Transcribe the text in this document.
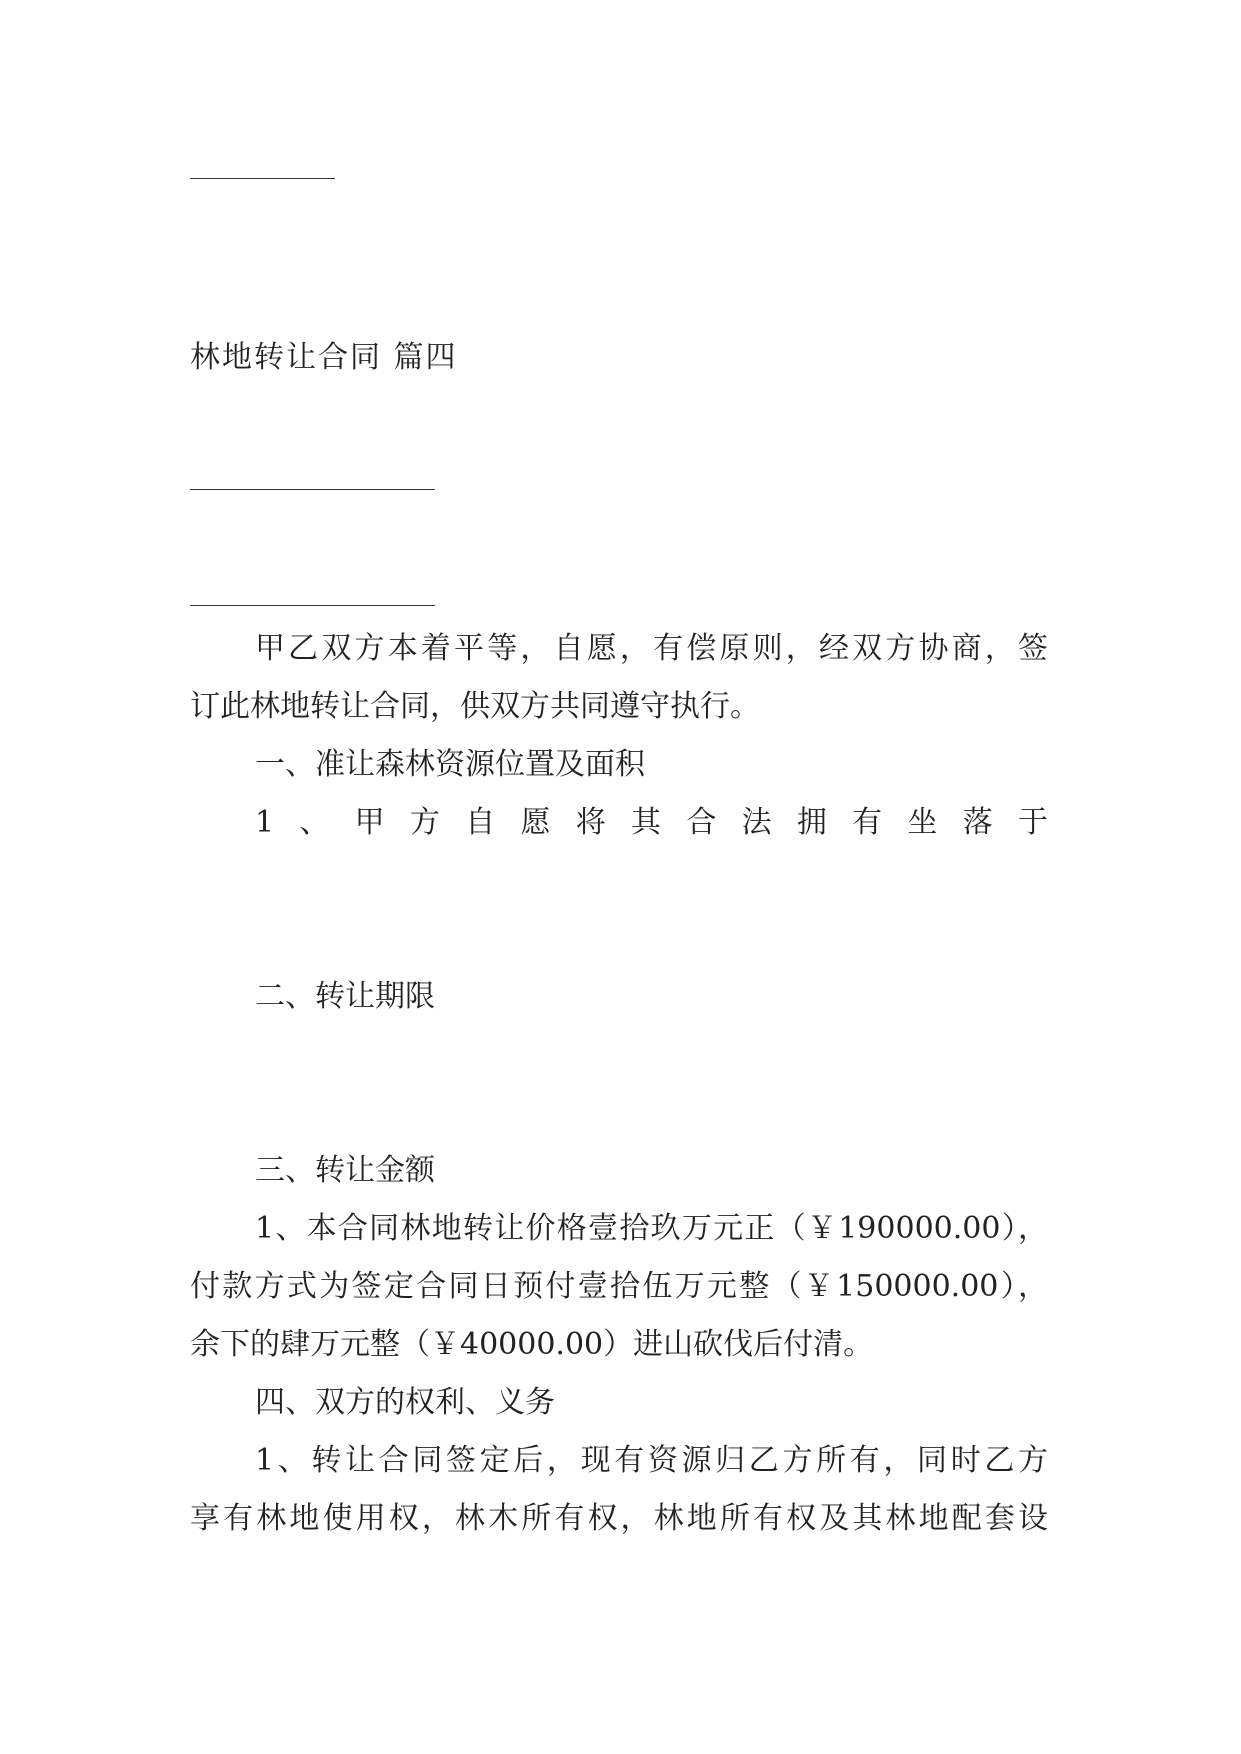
林地转让合同 篇四

甲乙双方本着平等，自愿，有偿原则，经双方协商，签
订此林地转让合同，供双方共同遵守执行。
一、准让森林资源位置及面积
1、甲方自愿将其合法拥有坐落于

二、转让期限

三、转让金额
1、本合同林地转让价格壹拾玖万元正（￥190000.00），
付款方式为签定合同日预付壹拾伍万元整（￥150000.00），
余下的肆万元整（￥40000.00）进山砍伐后付清。
四、双方的权利、义务
1、转让合同签定后，现有资源归乙方所有，同时乙方
享有林地使用权，林木所有权，林地所有权及其林地配套设
